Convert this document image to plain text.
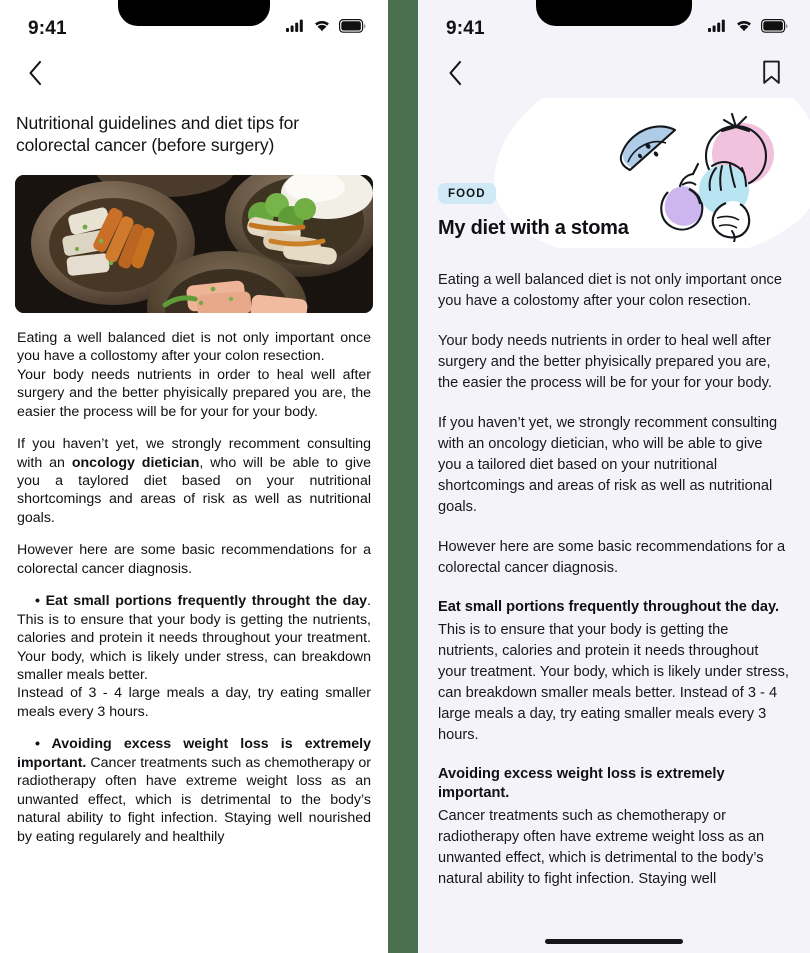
9:41
Nutritional guidelines and diet tips for colorectal cancer (before surgery)
Eating a well balanced diet is not only important once you have a collostomy after your colon resection.
Your body needs nutrients in order to heal well after surgery and the better phyisically prepared you are, the easier the process will be for your for your body.
If you haven’t yet, we strongly recomment consulting with an oncology dietician, who will be able to give you a taylored diet based on your nutritional shortcomings and areas of risk as well as nutritional goals.
However here are some basic recommendations for a colorectal cancer diagnosis.
• Eat small portions frequently throught the day. This is to ensure that your body is getting the nutrients, calories and protein it needs throughout your treatment. Your body, which is likely under stress, can breakdown smaller meals better.
Instead of 3 - 4 large meals a day, try eating smaller meals every 3 hours.
• Avoiding excess weight loss is extremely important. Cancer treatments such as chemotherapy or radiotherapy often have extreme weight loss as an unwanted effect, which is detrimental to the body’s natural ability to fight infection. Staying well nourished by eating regularely and healthily
9:41
FOOD
My diet with a stoma
Eating a well balanced diet is not only important once you have a colostomy after your colon resection.
Your body needs nutrients in order to heal well after surgery and the better phyisically prepared you are, the easier the process will be for your for your body.
If you haven’t yet, we strongly recomment consulting with an oncology dietician, who will be able to give you a tailored diet based on your nutritional shortcomings and areas of risk as well as nutritional goals.
However here are some basic recommendations for a colorectal cancer diagnosis.
Eat small portions frequently throughout the day.
This is to ensure that your body is getting the nutrients, calories and protein it needs throughout your treatment. Your body, which is likely under stress, can breakdown smaller meals better. Instead of 3 - 4 large meals a day, try eating smaller meals every 3 hours.
Avoiding excess weight loss is extremely important.
Cancer treatments such as chemotherapy or radiotherapy often have extreme weight loss as an unwanted effect, which is detrimental to the body’s natural ability to fight infection. Staying well
